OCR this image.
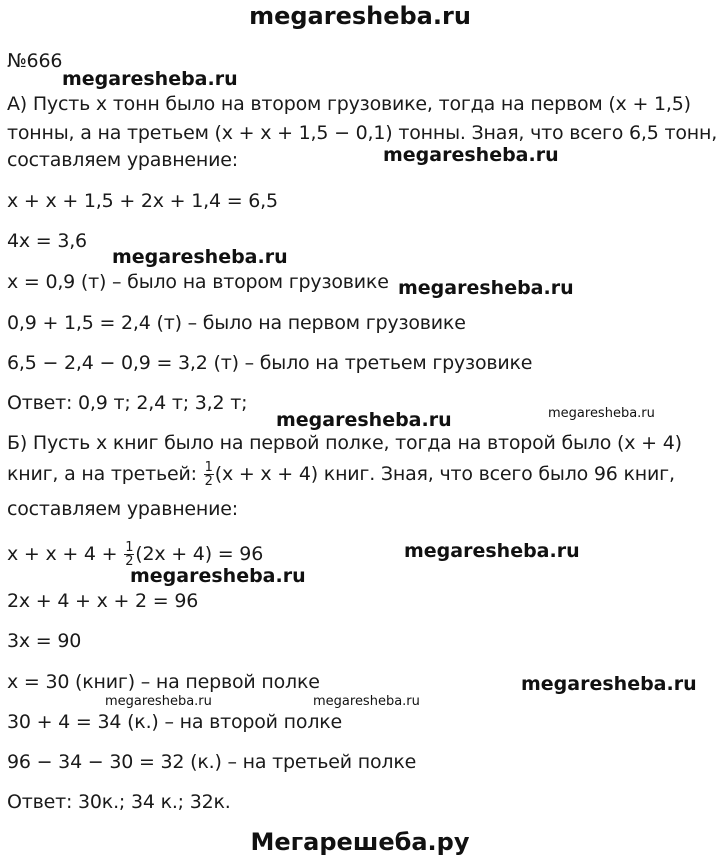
megaresheba.ru
№666
А) Пусть x тонн было на втором грузовике, тогда на первом (x + 1,5)
тонны, а на третьем (x + x + 1,5 − 0,1) тонны. Зная, что всего 6,5 тонн,
составляем уравнение:
x + x + 1,5 + 2x + 1,4 = 6,5
4x = 3,6
x = 0,9 (т) – было на втором грузовике
0,9 + 1,5 = 2,4 (т) – было на первом грузовике
6,5 − 2,4 − 0,9 = 3,2 (т) – было на третьем грузовике
Ответ: 0,9 т; 2,4 т; 3,2 т;
Б) Пусть x книг было на первой полке, тогда на второй было (x + 4)
книг, а на третьей: $\frac{1}{2} (x + x + 4)$ книг. Зная, что всего было 96 книг,
составляем уравнение:
$x + x + 4 + \frac{1}{2} (2x + 4) = 96$
2x + 4 + x + 2 = 96
3x = 90
x = 30 (книг) – на первой полке
30 + 4 = 34 (к.) – на второй полке
96 − 34 − 30 = 32 (к.) – на третьей полке
Ответ: 30к.; 34 к.; 32к.
megaresheba.ru
megaresheba.ru
megaresheba.ru
megaresheba.ru
megaresheba.ru	megaresheba.ru
megaresheba.ru
megaresheba.ru
megaresheba.ru
megaresheba.ru	megaresheba.ru
Мегарешеба.ру
